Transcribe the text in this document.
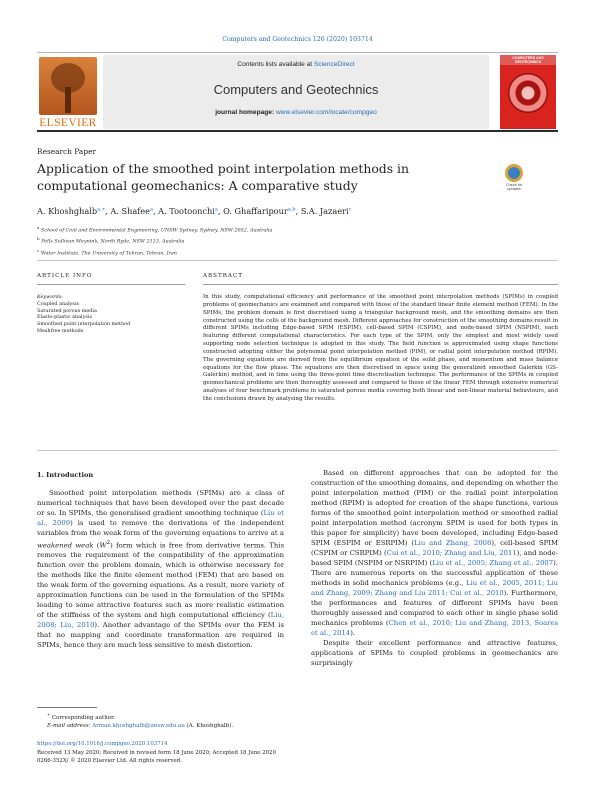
Computers and Geotechnics 126 (2020) 103714
ELSEVIER
Contents lists available at ScienceDirect
Computers and Geotechnics
journal homepage: www.elsevier.com/locate/compgeo
COMPUTERS AND GEOTECHNICS
Research Paper
Application of the smoothed point interpolation methods in computational geomechanics: A comparative study	Check for updates
A. Khoshghalb$^{a,∗}$, A. Shafee$^a$, A. Tootoonchi$^a$, O. Ghaffaripour$^{a,b}$, S.A. Jazaeri$^c$
$^a$ School of Civil and Environmental Engineering, UNSW Sydney, Sydney, NSW 2052, Australia
$^b$ Pells Sullivan Meynink, North Ryde, NSW 2113, Australia
$^c$ Water Institute, The University of Tehran, Tehran, Iran
ARTICLE INFO
Keywords:
Coupled analysis
Saturated porous media
Elasto-plastic analysis
Smoothed point interpolation method
Meshfree methods
ABSTRACT
In this study, computational efficiency and performance of the smoothed point interpolation methods (SPIMs) in coupled problems of geomechanics are examined and compared with those of the standard linear finite element method (FEM). In the SPIMs, the problem domain is first discretised using a triangular background mesh, and the smoothing domains are then constructed using the cells of the background mesh. Different approaches for construction of the smoothing domains result in different SPIMs including Edge-based SPIM (ESPIM), cell-based SPIM (CSPIM), and node-based SPIM (NSPIM), each featuring different computational characteristics. For each type of the SPIM, only the simplest and most widely used supporting node selection technique is adopted in this study. The field function is approximated using shape functions constructed adopting either the polynomial point interpolation method (PIM), or radial point interpolation method (RPIM). The governing equations are derived from the equilibrium equation of the solid phase, and momentum and mass balance equations for the flow phase. The equations are then discretised in space using the generalized smoothed Galerkin (GS-Galerkin) method, and in time using the three-point time discretisation technique. The performance of the SPIMs in coupled geomechanical problems are then thoroughly assessed and compared to those of the linear FEM through extensive numerical analyses of four benchmark problems in saturated porous media covering both linear and non-linear material behaviours, and the conclusions drawn by analysing the results.
1. Introduction
Smoothed point interpolation methods (SPIMs) are a class of numerical techniques that have been developed over the past decade or so. In SPIMs, the generalised gradient smoothing technique (Liu et al., 2009) is used to remove the derivations of the independent variables from the weak form of the governing equations to arrive at a weakened weak $(W^2)$ form which is free from derivative terms. This removes the requirement of the compatibility of the approximation function over the problem domain, which is otherwise necessary for the methods like the finite element method (FEM) that are based on the weak form of the governing equations. As a result, more variety of approximation functions can be used in the formulation of the SPIMs leading to some attractive features such as more realistic estimation of the stiffness of the system and high computational efficiency (Liu, 2008; Liu, 2010). Another advantage of the SPIMs over the FEM is that no mapping and coordinate transformation are required in SPIMs, hence they are much less sensitive to mesh distortion.

Based on different approaches that can be adopted for the construction of the smoothing domains, and depending on whether the point interpolation method (PIM) or the radial point interpolation method (RPIM) is adopted for creation of the shape functions, various forms of the smoothed point interpolation method or smoothed radial point interpolation method (acronym SPIM is used for both types in this paper for simplicity) have been developed, including Edge-based SPIM (ESPIM or ESRPIM) (Liu and Zhang, 2008), cell-based SPIM (CSPIM or CSRPIM) (Cui et al., 2010; Zhang and Liu, 2011), and node-based SPIM (NSPIM or NSRPIM) (Liu et al., 2005; Zhang et al., 2007). There are numerous reports on the successful application of these methods in solid mechanics problems (e.g., Liu et al., 2005, 2011; Liu and Zhang, 2009; Zhang and Liu 2011; Cui et al., 2010). Furthermore, the performances and features of different SPIMs have been thoroughly assessed and compared to each other in single phase solid mechanics problems (Chen et al., 2010; Liu and Zhang, 2013, Soares et al., 2014).

Despite their excellent performance and attractive features, applications of SPIMs to coupled problems in geomechanics are surprisingly

∗ Corresponding author.
E-mail address: Arman.khoshghalb@unsw.edu.au (A. Khoshghalb).
https://doi.org/10.1016/j.compgeo.2020.103714
Received 13 May 2020; Received in revised form 18 June 2020; Accepted 18 June 2020
0266-352X/ © 2020 Elsevier Ltd. All rights reserved.
